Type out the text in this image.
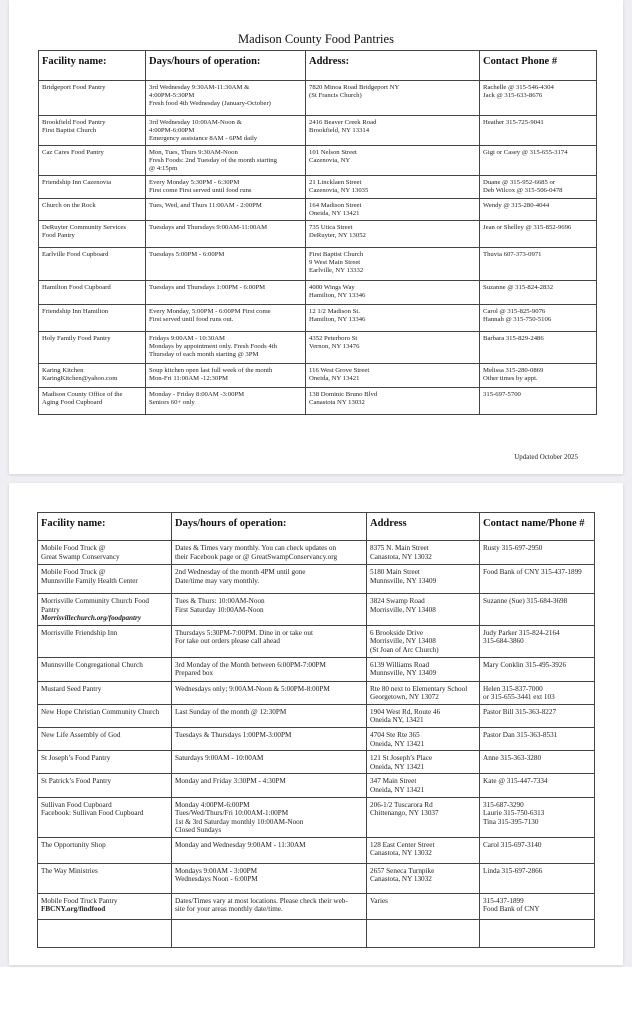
Madison County Food Pantries
Facility name:	Days/hours of operation:	Address:	Contact Phone #

Bridgeport Food Pantry	3rd Wednesday 9:30AM-11:30AM &
4:00PM-5:30PM
Fresh food 4th Wednesday (January-October)	7820 Minoa Road Bridgeport NY
(St Francis Church)	Rachelle @ 315-546-4304
Jack @ 315-633-8676

Brookfield Food Pantry
First Baptist Church	3rd Wednesday 10:00AM-Noon &
4:00PM-6:00PM
Emergency assistance 8AM - 6PM daily	2416 Beaver Creek Road
Brookfield, NY 13314	Heather 315-725-9041

Caz Cares Food Pantry	Mon, Tues, Thurs 9:30AM-Noon
Fresh Foods: 2nd Tuesday of the month starting
@ 4:15pm	101 Nelson Street
Cazenovia, NY	Gigi or Casey @ 315-655-3174

Friendship Inn Cazenovia	Every Monday 5:30PM - 6:30PM
First come First served until food runs	21 Lincklaen Street
Cazenovia, NY 13035	Duane @ 315-952-6685 or
Deb Wilcox @ 315-506-0478

Church on the Rock	Tues, Wed, and Thurs 11:00AM - 2:00PM	164 Madison Street
Oneida, NY 13421	Wendy @ 315-280-4044

DeRuyter Community Services
Food Pantry	Tuesdays and Thursdays 9:00AM-11:00AM	735 Utica Street
DeRuyter, NY 13052	Jean or Shelley @ 315-852-9696

Earlville Food Cupboard	Tuesdays 5:00PM - 6:00PM	First Baptist Church
9 West Main Street
Earlville, NY 13332	Thuvia 607-373-0971

Hamilton Food Cupboard	Tuesdays and Thursdays 1:00PM - 6:00PM	4000 Wings Way
Hamilton, NY 13346	Suzanne @ 315-824-2832

Friendship Inn Hamilton	Every Monday, 5:00PM - 6:00PM First come
First served until food runs out.	12 1/2 Madison St.
Hamilton, NY 13346	Carol @ 315-825-9076
Hannah @ 315-750-5106

Holy Family Food Pantry	Fridays 9:00AM - 10:30AM
Mondays by appointment only. Fresh Foods 4th
Thursday of each month starting @ 3PM	4352 Peterboro St
Vernon, NY 13476	Barbara 315-829-2486

Karing Kitchen
KaringKitchen@yahoo.com	Soup kitchen open last full week of the month
Mon-Fri 11:00AM -12:30PM	116 West Grove Street
Oneida, NY 13421	Melissa 315-280-0869
Other times by appt.

Madison County Office of the
Aging Food Cupboard	Monday - Friday 8:00AM -3:00PM
Seniors 60+ only	138 Dominic Bruno Blvd
Canastota NY 13032	315-697-5700
Updated October 2025
Facility name:	Days/hours of operation:	Address	Contact name/Phone #

Mobile Food Truck @
Great Swamp Conservancy	Dates & Times vary monthly. You can check updates on
their Facebook page or @ GreatSwampConservancy.org	8375 N. Main Street
Canastota, NY 13032	Rusty 315-697-2950

Mobile Food Truck @
Munnsville Family Health Center	2nd Wednesday of the month 4PM until gone
Date/time may vary monthly.	5180 Main Street
Munnsville, NY 13409	Food Bank of CNY 315-437-1899

Morrisville Community Church Food
Pantry
Morrisvillechurch.org/foodpantry	Tues & Thurs: 10:00AM-Noon
First Saturday 10:00AM-Noon	3824 Swamp Road
Morrisville, NY 13408	Suzanne (Sue) 315-684-3698

Morrisville Friendship Inn	Thursdays 5:30PM-7:00PM. Dine in or take out
For take out orders please call ahead	6 Brookside Drive
Morrisville, NY 13408
(St Joan of Arc Church)	Judy Parker 315-824-2164
315-684-3860

Munnsville Congregational Church	3rd Monday of the Month between 6:00PM-7:00PM
Prepared box	6139 Williams Road
Munnsville, NY 13409	Mary Conklin 315-495-3926

Mustard Seed Pantry	Wednesdays only; 9:00AM-Noon & 5:00PM-8:00PM	Rte 80 next to Elementary School
Georgetown, NY 13072	Helen 315-837-7000
or 315-655-3441 ext 103

New Hope Christian Community Church	Last Sunday of the month @ 12:30PM	1904 West Rd, Route 46
Oneida NY, 13421	Pastor Bill 315-363-8227

New Life Assembly of God	Tuesdays & Thursdays 1:00PM-3:00PM	4704 Ste Rte 365
Oneida, NY 13421	Pastor Dan 315-363-8531

St Joseph’s Food Pantry	Saturdays 9:00AM - 10:00AM	121 St Joseph’s Place
Oneida, NY 13421	Anne 315-363-3280

St Patrick’s Food Pantry	Monday and Friday 3:30PM - 4:30PM	347 Main Street
Oneida, NY 13421	Kate @ 315-447-7334

Sullivan Food Cupboard
Facebook: Sullivan Food Cupboard	Monday 4:00PM-6:00PM
Tues/Wed/Thurs/Fri 10:00AM-1:00PM
1st & 3rd Saturday monthly 10:00AM-Noon
Closed Sundays	206-1/2 Tuscarora Rd
Chittenango, NY 13037	315-687-3290
Laurie 315-750-6313
Tina 315-395-7130

The Opportunity Shop	Monday and Wednesday 9:00AM - 11:30AM	128 East Center Street
Canastota, NY 13032	Carol 315-697-3140

The Way Ministries	Mondays 9:00AM - 3:00PM
Wednesdays Noon - 6:00PM	2657 Seneca Turnpike
Canastota, NY 13032	Linda 315-697-2866

Mobile Food Truck Pantry
FBCNY.org/findfood	Dates/Times vary at most locations. Please check their web-
site for your areas monthly date/time.	Varies	315-437-1899
Food Bank of CNY
